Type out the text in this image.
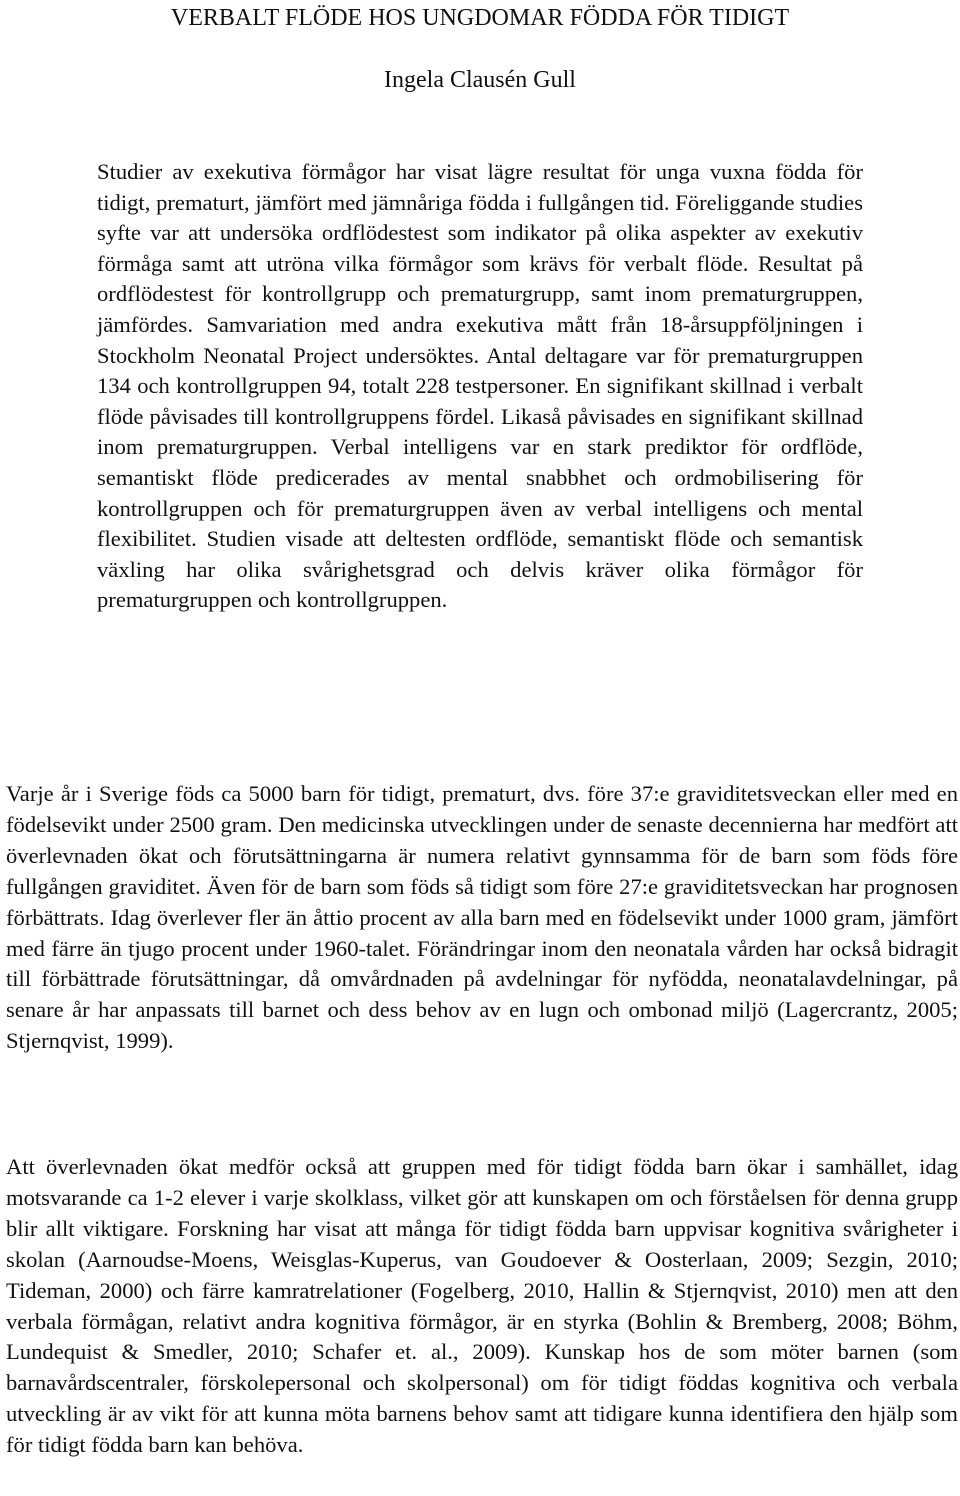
VERBALT FLÖDE HOS UNGDOMAR FÖDDA FÖR TIDIGT
Ingela Clausén Gull

Studier av exekutiva förmågor har visat lägre resultat för unga vuxna födda för tidigt, prematurt, jämfört med jämnåriga födda i fullgången tid. Föreliggande studies syfte var att undersöka ordflödestest som indikator på olika aspekter av exekutiv förmåga samt att utröna vilka förmågor som krävs för verbalt flöde. Resultat på ordflödestest för kontrollgrupp och prematurgrupp, samt inom prematurgruppen, jämfördes. Samvariation med andra exekutiva mått från 18-årsuppföljningen i Stockholm Neonatal Project undersöktes. Antal deltagare var för prematurgruppen 134 och kontrollgruppen 94, totalt 228 testpersoner. En signifikant skillnad i verbalt flöde påvisades till kontrollgruppens fördel. Likaså påvisades en signifikant skillnad inom prematurgruppen. Verbal intelligens var en stark prediktor för ordflöde, semantiskt flöde predicerades av mental snabbhet och ordmobilisering för kontrollgruppen och för prematurgruppen även av verbal intelligens och mental flexibilitet. Studien visade att deltesten ordflöde, semantiskt flöde och semantisk växling har olika svårighetsgrad och delvis kräver olika förmågor för prematurgruppen och kontrollgruppen.

Varje år i Sverige föds ca 5000 barn för tidigt, prematurt, dvs. före 37:e graviditetsveckan eller med en födelsevikt under 2500 gram. Den medicinska utvecklingen under de senaste decennierna har medfört att överlevnaden ökat och förutsättningarna är numera relativt gynnsamma för de barn som föds före fullgången graviditet. Även för de barn som föds så tidigt som före 27:e graviditetsveckan har prognosen förbättrats. Idag överlever fler än åttio procent av alla barn med en födelsevikt under 1000 gram, jämfört med färre än tjugo procent under 1960-talet. Förändringar inom den neonatala vården har också bidragit till förbättrade förutsättningar, då omvårdnaden på avdelningar för nyfödda, neonatalavdelningar, på senare år har anpassats till barnet och dess behov av en lugn och ombonad miljö (Lagercrantz, 2005; Stjernqvist, 1999).

Att överlevnaden ökat medför också att gruppen med för tidigt födda barn ökar i samhället, idag motsvarande ca 1-2 elever i varje skolklass, vilket gör att kunskapen om och förståelsen för denna grupp blir allt viktigare. Forskning har visat att många för tidigt födda barn uppvisar kognitiva svårigheter i skolan (Aarnoudse-Moens, Weisglas-Kuperus, van Goudoever & Oosterlaan, 2009; Sezgin, 2010; Tideman, 2000) och färre kamratrelationer (Fogelberg, 2010, Hallin & Stjernqvist, 2010) men att den verbala förmågan, relativt andra kognitiva förmågor, är en styrka (Bohlin & Bremberg, 2008; Böhm, Lundequist & Smedler, 2010; Schafer et. al., 2009). Kunskap hos de som möter barnen (som barnavårdscentraler, förskolepersonal och skolpersonal) om för tidigt föddas kognitiva och verbala utveckling är av vikt för att kunna möta barnens behov samt att tidigare kunna identifiera den hjälp som för tidigt födda barn kan behöva.
